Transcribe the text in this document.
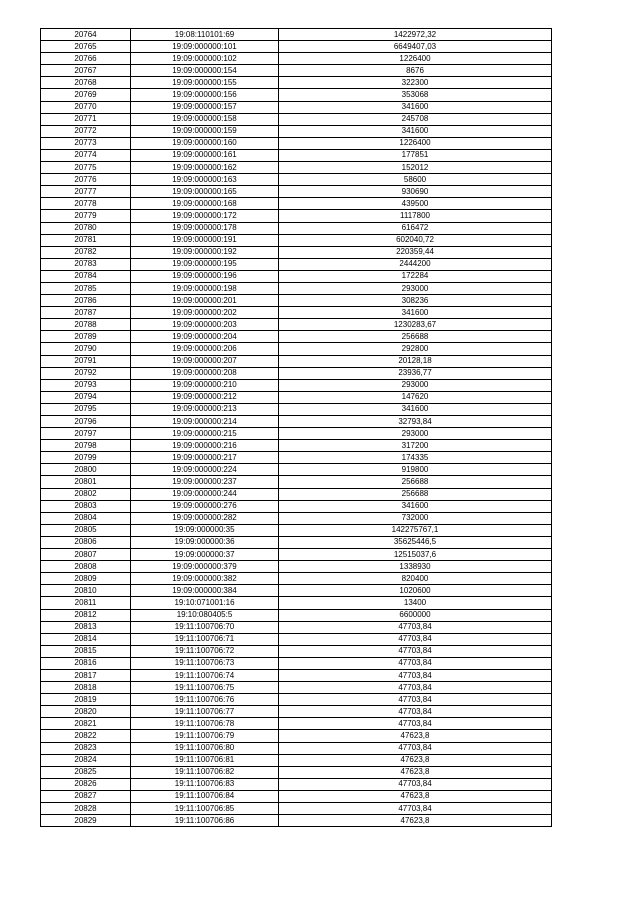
20764	19:08:110101:69	1422972,32
20765	19:09:000000:101	6649407,03
20766	19:09:000000:102	1226400
20767	19:09:000000:154	8676
20768	19:09:000000:155	322300
20769	19:09:000000:156	353068
20770	19:09:000000:157	341600
20771	19:09:000000:158	245708
20772	19:09:000000:159	341600
20773	19:09:000000:160	1226400
20774	19:09:000000:161	177851
20775	19:09:000000:162	152012
20776	19:09:000000:163	58600
20777	19:09:000000:165	930690
20778	19:09:000000:168	439500
20779	19:09:000000:172	1117800
20780	19:09:000000:178	616472
20781	19:09:000000:191	602040,72
20782	19:09:000000:192	220359,44
20783	19:09:000000:195	2444200
20784	19:09:000000:196	172284
20785	19:09:000000:198	293000
20786	19:09:000000:201	308236
20787	19:09:000000:202	341600
20788	19:09:000000:203	1230283,67
20789	19:09:000000:204	256688
20790	19:09:000000:206	292800
20791	19:09:000000:207	20128,18
20792	19:09:000000:208	23936,77
20793	19:09:000000:210	293000
20794	19:09:000000:212	147620
20795	19:09:000000:213	341600
20796	19:09:000000:214	32793,84
20797	19:09:000000:215	293000
20798	19:09:000000:216	317200
20799	19:09:000000:217	174335
20800	19:09:000000:224	919800
20801	19:09:000000:237	256688
20802	19:09:000000:244	256688
20803	19:09:000000:276	341600
20804	19:09:000000:282	732000
20805	19:09:000000:35	142275767,1
20806	19:09:000000:36	35625446,5
20807	19:09:000000:37	12515037,6
20808	19:09:000000:379	1338930
20809	19:09:000000:382	820400
20810	19:09:000000:384	1020600
20811	19:10:071001:16	13400
20812	19:10:080405:5	6600000
20813	19:11:100706:70	47703,84
20814	19:11:100706:71	47703,84
20815	19:11:100706:72	47703,84
20816	19:11:100706:73	47703,84
20817	19:11:100706:74	47703,84
20818	19:11:100706:75	47703,84
20819	19:11:100706:76	47703,84
20820	19:11:100706:77	47703,84
20821	19:11:100706:78	47703,84
20822	19:11:100706:79	47623,8
20823	19:11:100706:80	47703,84
20824	19:11:100706:81	47623,8
20825	19:11:100706:82	47623,8
20826	19:11:100706:83	47703,84
20827	19:11:100706:84	47623,8
20828	19:11:100706:85	47703,84
20829	19:11:100706:86	47623,8
